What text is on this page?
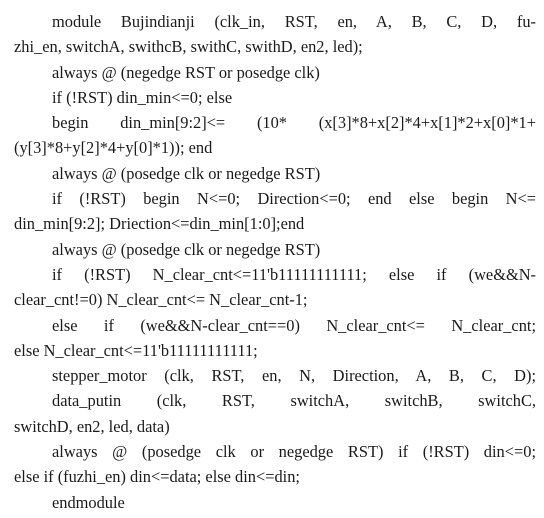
module Bujindianji (clk_in, RST, en, A, B, C, D, fu-
zhi_en, switchA, swithcB, swithC, swithD, en2, led);
always @ (negedge RST or posedge clk)
if (!RST) din_min<=0; else
begin din_min[9:2]<= (10* (x[3]*8+x[2]*4+x[1]*2+x[0]*1+
(y[3]*8+y[2]*4+y[0]*1)); end
always @ (posedge clk or negedge RST)
if (!RST) begin N<=0; Direction<=0; end else begin N<=
din_min[9:2]; Driection<=din_min[1:0];end
always @ (posedge clk or negedge RST)
if (!RST) N_clear_cnt<=11'b11111111111; else if (we&&N-
clear_cnt!=0) N_clear_cnt<= N_clear_cnt-1;
else if (we&&N-clear_cnt==0) N_clear_cnt<= N_clear_cnt;
else N_clear_cnt<=11'b11111111111;
stepper_motor (clk, RST, en, N, Direction, A, B, C, D);
data_putin (clk, RST, switchA, switchB, switchC,
switchD, en2, led, data)
always @ (posedge clk or negedge RST) if (!RST) din<=0;
else if (fuzhi_en) din<=data; else din<=din;
endmodule
